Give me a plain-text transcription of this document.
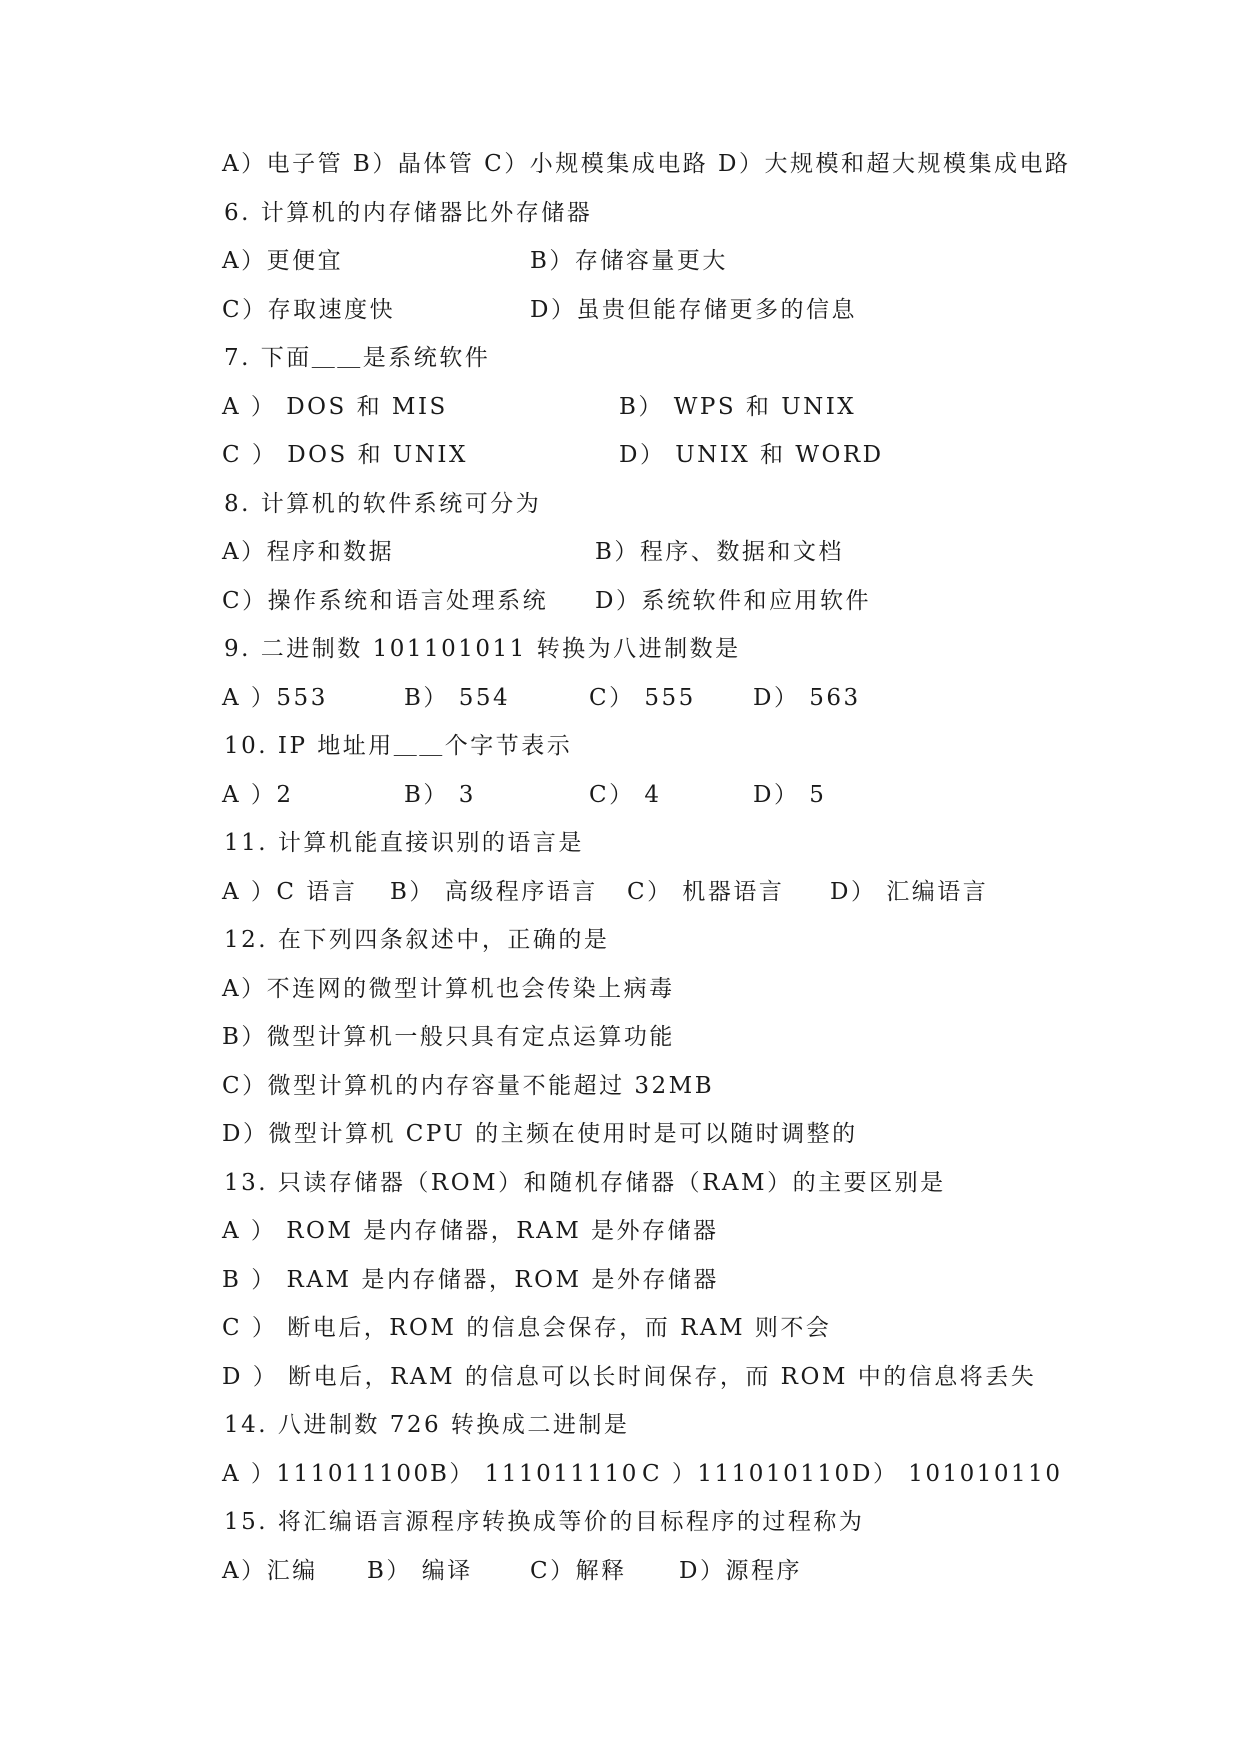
A）电子管 B）晶体管 C）小规模集成电路 D）大规模和超大规模集成电路
6. 计算机的内存储器比外存储器
A）更便宜	B）存储容量更大
C）存取速度快	D）虽贵但能存储更多的信息
7. 下面＿＿是系统软件
A ） DOS 和 MIS	B） WPS 和 UNIX
C ） DOS 和 UNIX	D） UNIX 和 WORD
8. 计算机的软件系统可分为
A）程序和数据	B）程序、数据和文档
C）操作系统和语言处理系统 D）系统软件和应用软件
9. 二进制数 101101011 转换为八进制数是
A ）553	B） 554	C） 555 D） 563
10. IP 地址用＿＿个字节表示
A ）2	B） 3	C） 4	D） 5
11. 计算机能直接识别的语言是
A ）C 语言 B） 高级程序语言 C） 机器语言 D） 汇编语言
12. 在下列四条叙述中，正确的是
A）不连网的微型计算机也会传染上病毒
B）微型计算机一般只具有定点运算功能
C）微型计算机的内存容量不能超过 32MB
D）微型计算机 CPU 的主频在使用时是可以随时调整的
13. 只读存储器（ROM）和随机存储器（RAM）的主要区别是
A ） ROM 是内存储器，RAM 是外存储器
B ） RAM 是内存储器，ROM 是外存储器
C ） 断电后，ROM 的信息会保存，而 RAM 则不会
D ） 断电后，RAM 的信息可以长时间保存，而 ROM 中的信息将丢失
14. 八进制数 726 转换成二进制是
A ）111011100 B） 111011110 C ）111010110 D） 101010110
15. 将汇编语言源程序转换成等价的目标程序的过程称为
A）汇编 B） 编译 C）解释 D）源程序
